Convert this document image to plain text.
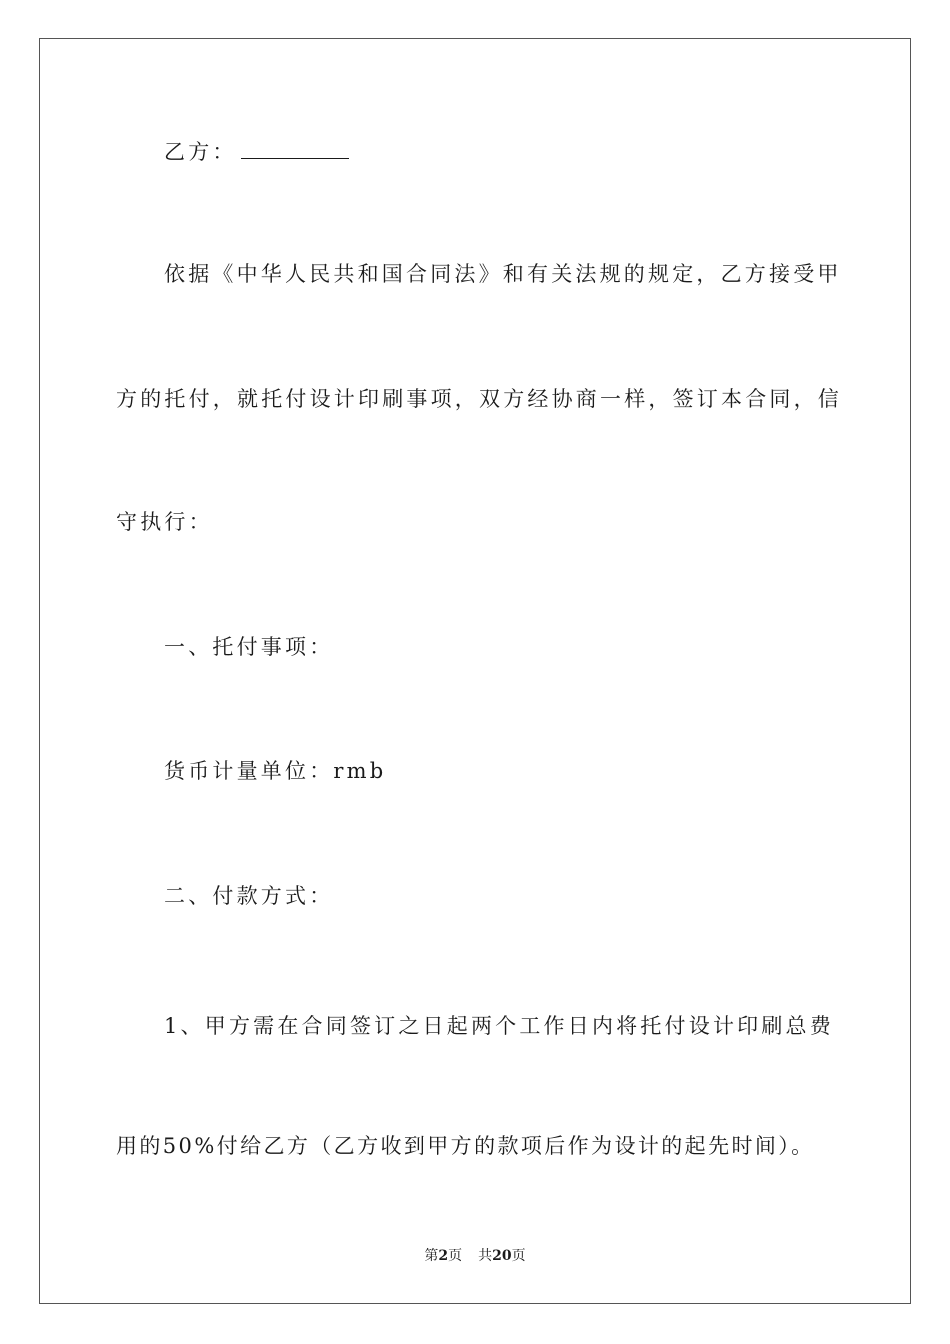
乙方：
依据《中华人民共和国合同法》和有关法规的规定，乙方接受甲
方的托付，就托付设计印刷事项，双方经协商一样，签订本合同，信
守执行：
一、托付事项：
货币计量单位：rmb
二、付款方式：
1、甲方需在合同签订之日起两个工作日内将托付设计印刷总费
用的50%付给乙方（乙方收到甲方的款项后作为设计的起先时间）。
第2页 共20页
